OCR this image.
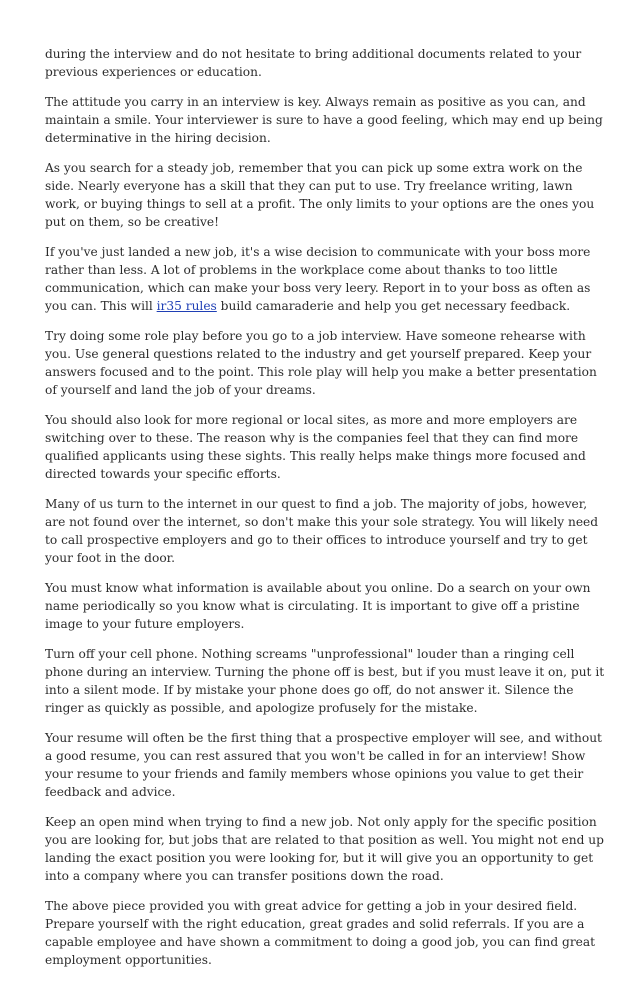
during the interview and do not hesitate to bring additional documents related to your previous experiences or education.

The attitude you carry in an interview is key. Always remain as positive as you can, and maintain a smile. Your interviewer is sure to have a good feeling, which may end up being determinative in the hiring decision.

As you search for a steady job, remember that you can pick up some extra work on the side. Nearly everyone has a skill that they can put to use. Try freelance writing, lawn work, or buying things to sell at a profit. The only limits to your options are the ones you put on them, so be creative!

If you've just landed a new job, it's a wise decision to communicate with your boss more rather than less. A lot of problems in the workplace come about thanks to too little communication, which can make your boss very leery. Report in to your boss as often as you can. This will ir35 rules build camaraderie and help you get necessary feedback.

Try doing some role play before you go to a job interview. Have someone rehearse with you. Use general questions related to the industry and get yourself prepared. Keep your answers focused and to the point. This role play will help you make a better presentation of yourself and land the job of your dreams.

You should also look for more regional or local sites, as more and more employers are switching over to these. The reason why is the companies feel that they can find more qualified applicants using these sights. This really helps make things more focused and directed towards your specific efforts.

Many of us turn to the internet in our quest to find a job. The majority of jobs, however, are not found over the internet, so don't make this your sole strategy. You will likely need to call prospective employers and go to their offices to introduce yourself and try to get your foot in the door.

You must know what information is available about you online. Do a search on your own name periodically so you know what is circulating. It is important to give off a pristine image to your future employers.

Turn off your cell phone. Nothing screams "unprofessional" louder than a ringing cell phone during an interview. Turning the phone off is best, but if you must leave it on, put it into a silent mode. If by mistake your phone does go off, do not answer it. Silence the ringer as quickly as possible, and apologize profusely for the mistake.

Your resume will often be the first thing that a prospective employer will see, and without a good resume, you can rest assured that you won't be called in for an interview! Show your resume to your friends and family members whose opinions you value to get their feedback and advice.

Keep an open mind when trying to find a new job. Not only apply for the specific position you are looking for, but jobs that are related to that position as well. You might not end up landing the exact position you were looking for, but it will give you an opportunity to get into a company where you can transfer positions down the road.

The above piece provided you with great advice for getting a job in your desired field. Prepare yourself with the right education, great grades and solid referrals. If you are a capable employee and have shown a commitment to doing a good job, you can find great employment opportunities.
